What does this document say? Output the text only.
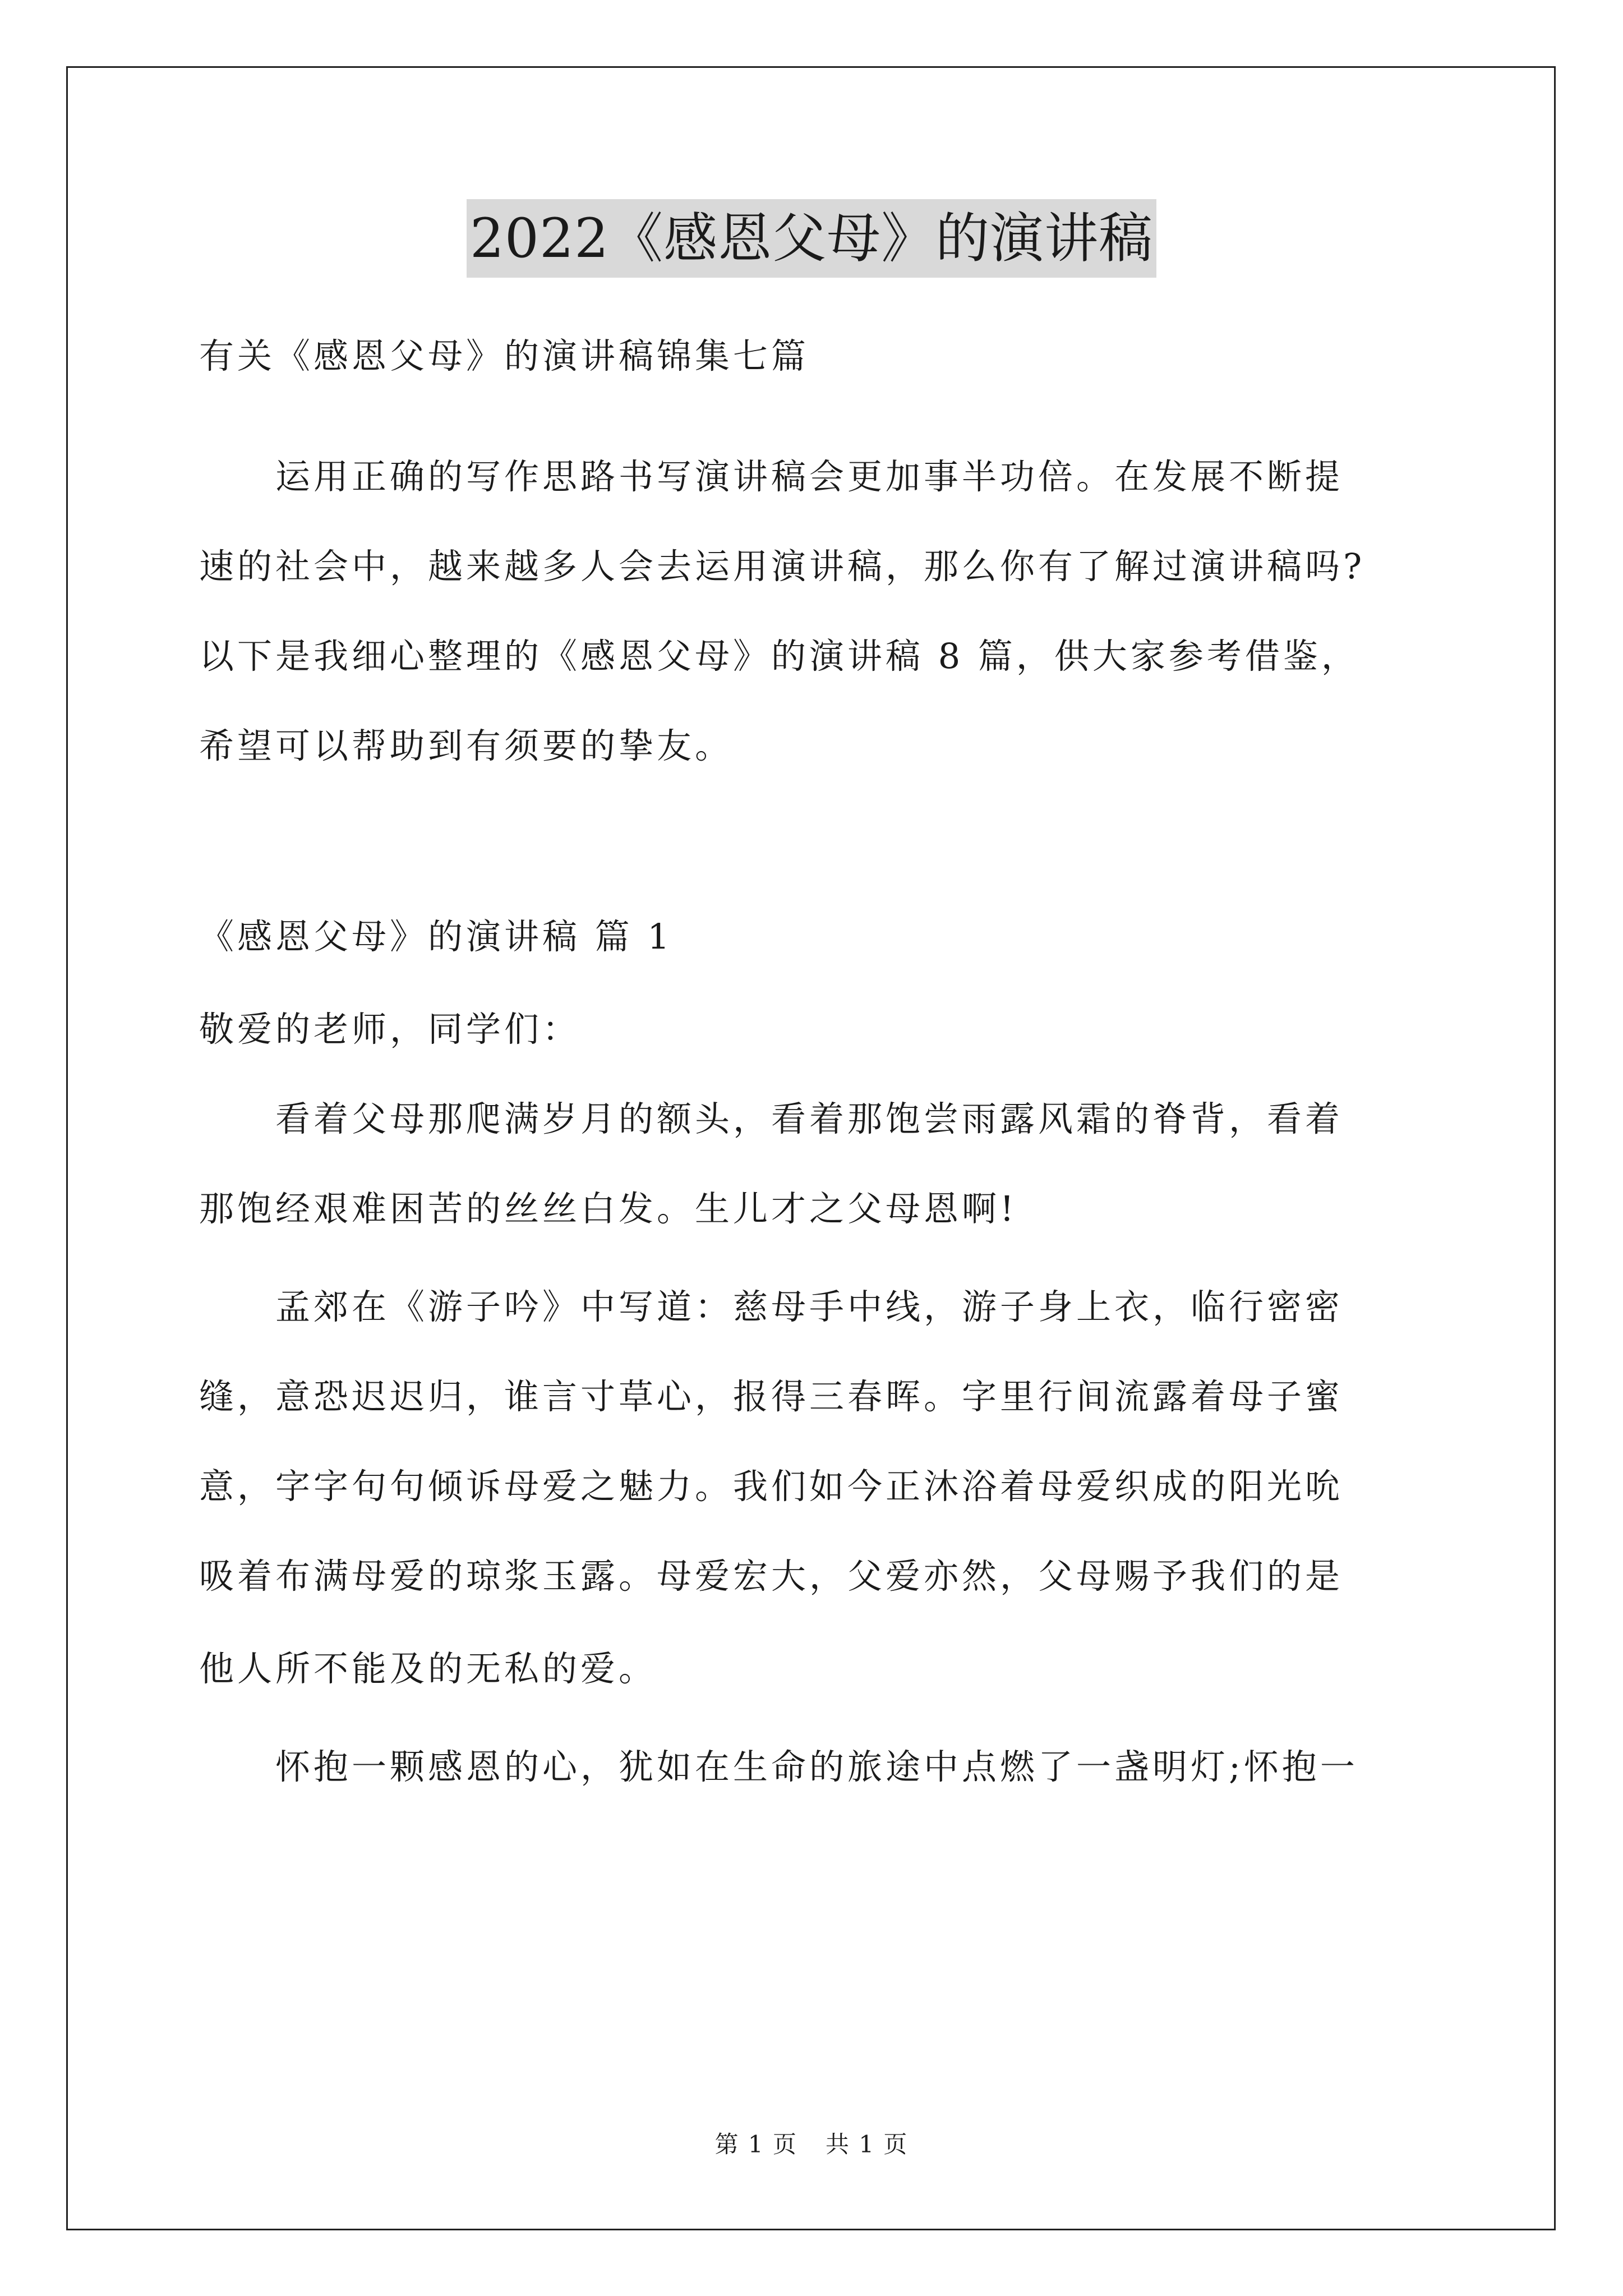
2022《感恩父母》的演讲稿
有关《感恩父母》的演讲稿锦集七篇
　　运用正确的写作思路书写演讲稿会更加事半功倍。在发展不断提
速的社会中，越来越多人会去运用演讲稿，那么你有了解过演讲稿吗?
以下是我细心整理的《感恩父母》的演讲稿 8 篇，供大家参考借鉴，
希望可以帮助到有须要的挚友。
《感恩父母》的演讲稿 篇 1
敬爱的老师，同学们：
　　看着父母那爬满岁月的额头，看着那饱尝雨露风霜的脊背，看着
那饱经艰难困苦的丝丝白发。生儿才之父母恩啊!
　　孟郊在《游子吟》中写道：慈母手中线，游子身上衣，临行密密
缝，意恐迟迟归，谁言寸草心，报得三春晖。字里行间流露着母子蜜
意，字字句句倾诉母爱之魅力。我们如今正沐浴着母爱织成的阳光吮
吸着布满母爱的琼浆玉露。母爱宏大，父爱亦然，父母赐予我们的是
他人所不能及的无私的爱。
　　怀抱一颗感恩的心，犹如在生命的旅途中点燃了一盏明灯;怀抱一
第 1 页 共 1 页
